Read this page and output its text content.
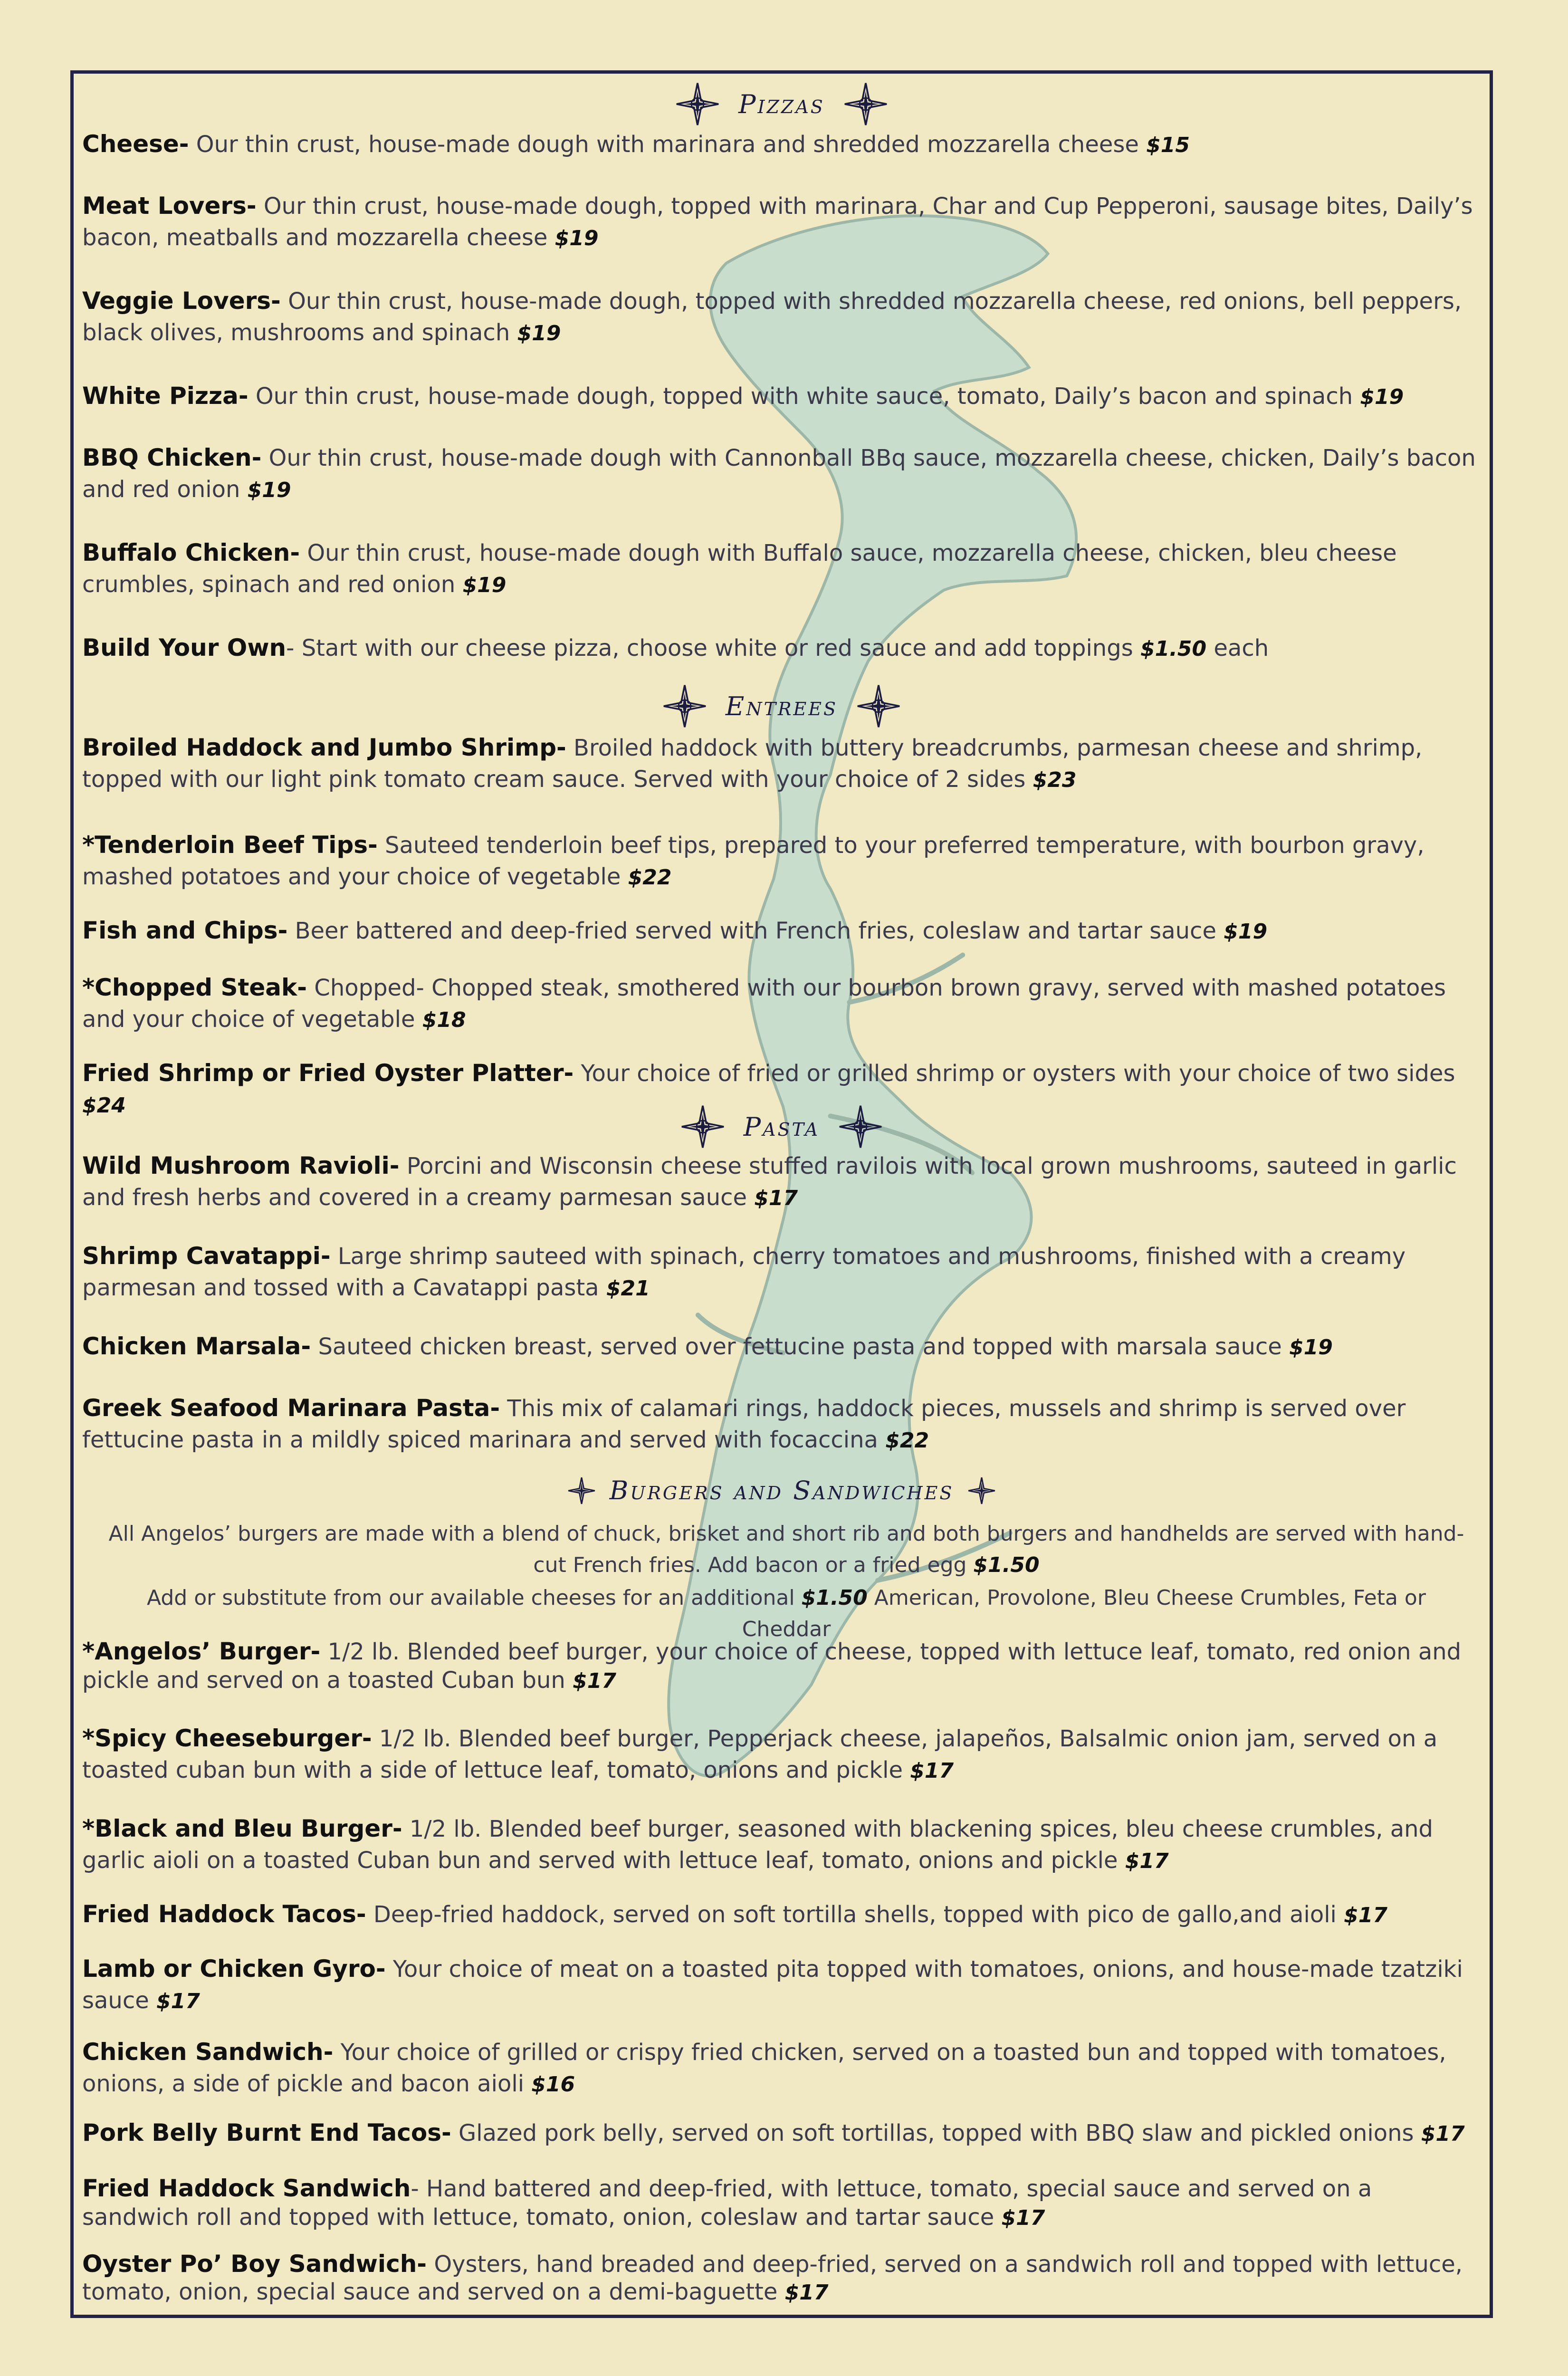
Pizzas
Cheese- Our thin crust, house-made dough with marinara and shredded mozzarella cheese $15
Meat Lovers- Our thin crust, house-made dough, topped with marinara, Char and Cup Pepperoni, sausage bites, Daily’s bacon, meatballs and mozzarella cheese $19
Veggie Lovers- Our thin crust, house-made dough, topped with shredded mozzarella cheese, red onions, bell peppers, black olives, mushrooms and spinach $19
White Pizza- Our thin crust, house-made dough, topped with white sauce, tomato, Daily’s bacon and spinach $19
BBQ Chicken- Our thin crust, house-made dough with Cannonball BBq sauce, mozzarella cheese, chicken, Daily’s bacon and red onion $19
Buffalo Chicken- Our thin crust, house-made dough with Buffalo sauce, mozzarella cheese, chicken, bleu cheese crumbles, spinach and red onion $19
Build Your Own- Start with our cheese pizza, choose white or red sauce and add toppings $1.50 each
Entrees
Broiled Haddock and Jumbo Shrimp- Broiled haddock with buttery breadcrumbs, parmesan cheese and shrimp, topped with our light pink tomato cream sauce. Served with your choice of 2 sides $23
*Tenderloin Beef Tips- Sauteed tenderloin beef tips, prepared to your preferred temperature, with bourbon gravy, mashed potatoes and your choice of vegetable $22
Fish and Chips- Beer battered and deep-fried served with French fries, coleslaw and tartar sauce $19
*Chopped Steak- Chopped- Chopped steak, smothered with our bourbon brown gravy, served with mashed potatoes and your choice of vegetable $18
Fried Shrimp or Fried Oyster Platter- Your choice of fried or grilled shrimp or oysters with your choice of two sides $24
Pasta
Wild Mushroom Ravioli- Porcini and Wisconsin cheese stuffed ravilois with local grown mushrooms, sauteed in garlic and fresh herbs and covered in a creamy parmesan sauce $17
Shrimp Cavatappi- Large shrimp sauteed with spinach, cherry tomatoes and mushrooms, finished with a creamy parmesan and tossed with a Cavatappi pasta $21
Chicken Marsala- Sauteed chicken breast, served over fettucine pasta and topped with marsala sauce $19
Greek Seafood Marinara Pasta- This mix of calamari rings, haddock pieces, mussels and shrimp is served over fettucine pasta in a mildly spiced marinara and served with focaccina $22
Burgers and Sandwiches
All Angelos’ burgers are made with a blend of chuck, brisket and short rib and both burgers and handhelds are served with hand-cut French fries. Add bacon or a fried egg $1.50
Add or substitute from our available cheeses for an additional $1.50 American, Provolone, Bleu Cheese Crumbles, Feta or Cheddar
*Angelos’ Burger- 1/2 lb. Blended beef burger, your choice of cheese, topped with lettuce leaf, tomato, red onion and pickle and served on a toasted Cuban bun $17
*Spicy Cheeseburger- 1/2 lb. Blended beef burger, Pepperjack cheese, jalapeños, Balsalmic onion jam, served on a toasted cuban bun with a side of lettuce leaf, tomato, onions and pickle $17
*Black and Bleu Burger- 1/2 lb. Blended beef burger, seasoned with blackening spices, bleu cheese crumbles, and garlic aioli on a toasted Cuban bun and served with lettuce leaf, tomato, onions and pickle $17
Fried Haddock Tacos- Deep-fried haddock, served on soft tortilla shells, topped with pico de gallo,and aioli $17
Lamb or Chicken Gyro- Your choice of meat on a toasted pita topped with tomatoes, onions, and house-made tzatziki sauce $17
Chicken Sandwich- Your choice of grilled or crispy fried chicken, served on a toasted bun and topped with tomatoes, onions, a side of pickle and bacon aioli $16
Pork Belly Burnt End Tacos- Glazed pork belly, served on soft tortillas, topped with BBQ slaw and pickled onions $17
Fried Haddock Sandwich- Hand battered and deep-fried, with lettuce, tomato, special sauce and served on a sandwich roll and topped with lettuce, tomato, onion, coleslaw and tartar sauce $17
Oyster Po’ Boy Sandwich- Oysters, hand breaded and deep-fried, served on a sandwich roll and topped with lettuce, tomato, onion, special sauce and served on a demi-baguette $17
